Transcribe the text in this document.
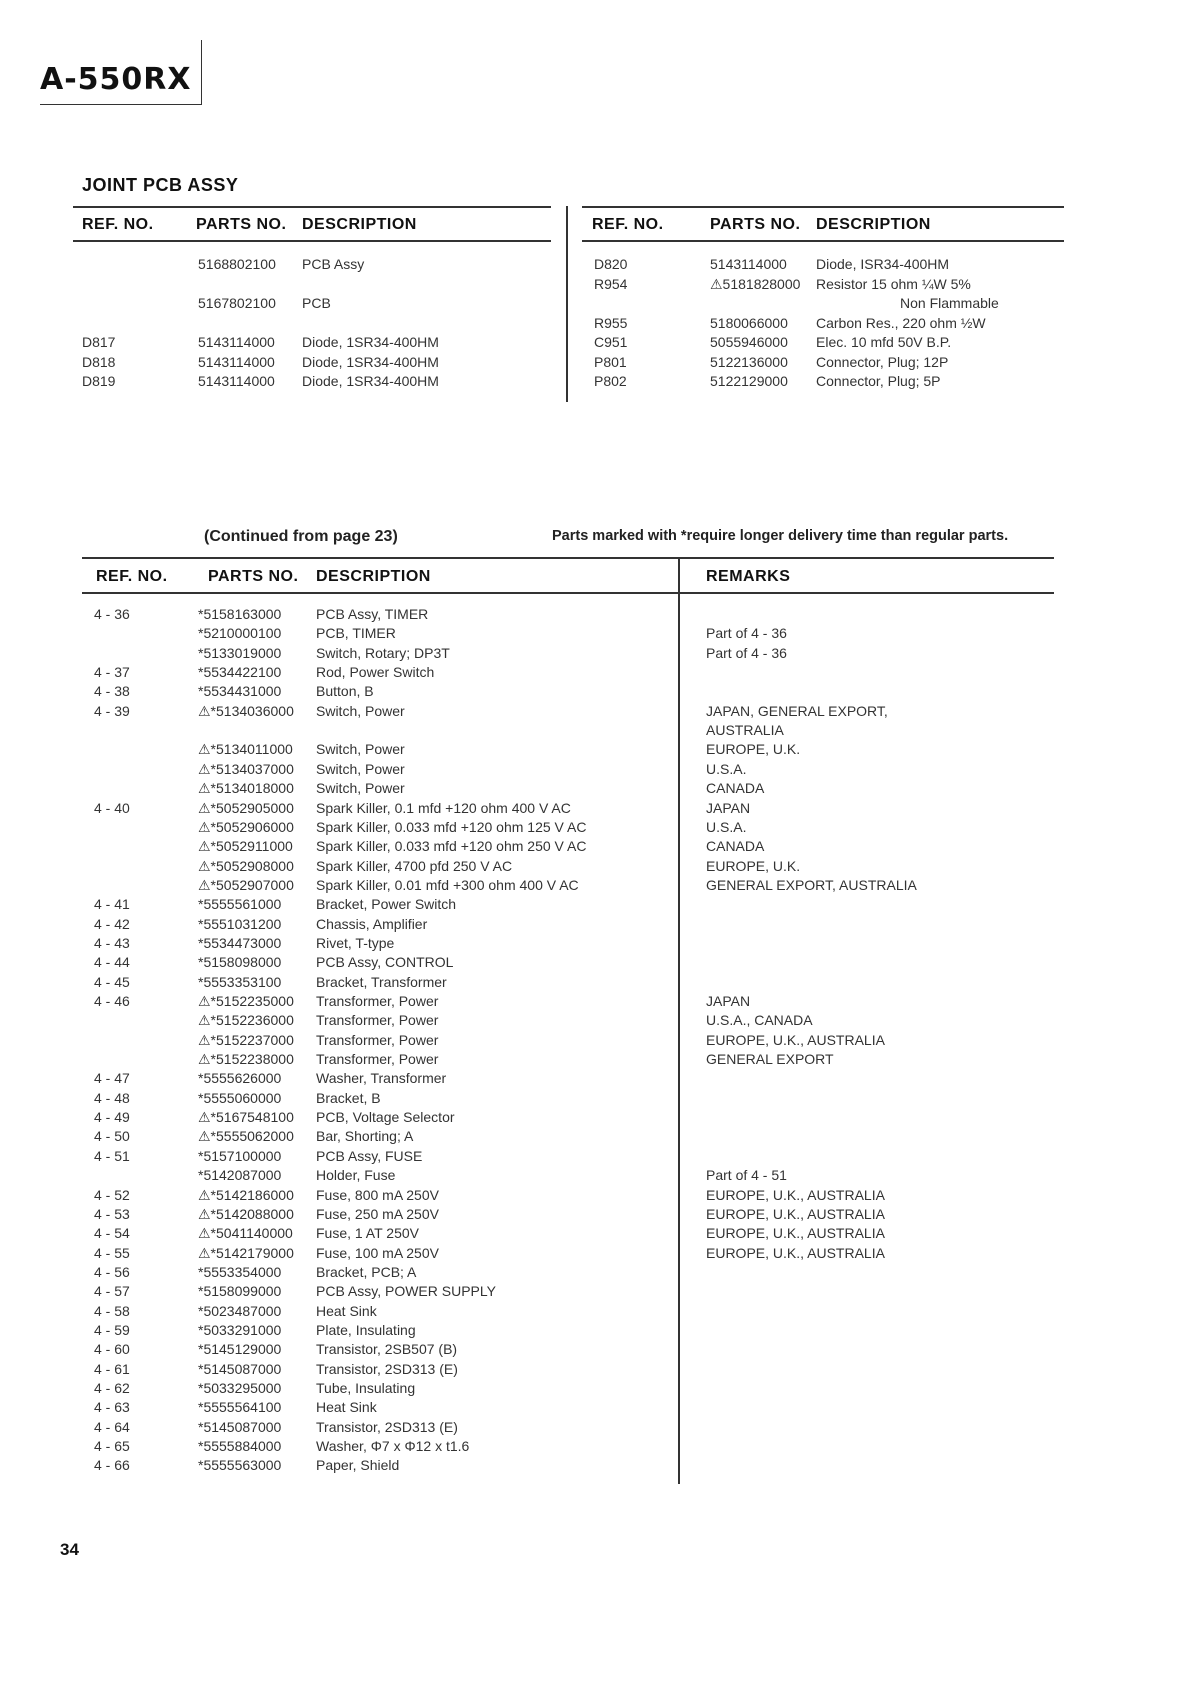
A-550RX
JOINT PCB ASSY
REF. NO.	PARTS NO. DESCRIPTION
5168802100 PCB Assy
5167802100 PCB
D817	5143114000 Diode, 1SR34-400HM
D818	5143114000 Diode, 1SR34-400HM
D819	5143114000 Diode, 1SR34-400HM
REF. NO.	PARTS NO. DESCRIPTION
D820	5143114000 Diode, ISR34-400HM
R954	⚠5181828000 Resistor 15 ohm ¼W 5%
Non Flammable
R955	5180066000 Carbon Res., 220 ohm ½W
C951	5055946000 Elec. 10 mfd 50V B.P.
P801	5122136000 Connector, Plug; 12P
P802	5122129000 Connector, Plug; 5P
(Continued from page 23)	Parts marked with *require longer delivery time than regular parts.
REF. NO.	PARTS NO. DESCRIPTION	REMARKS
4 - 36	*5158163000 PCB Assy, TIMER
*5210000100 PCB, TIMER	Part of 4 - 36
*5133019000 Switch, Rotary; DP3T	Part of 4 - 36
4 - 37	*5534422100 Rod, Power Switch
4 - 38	*5534431000 Button, B
4 - 39	⚠*5134036000 Switch, Power	JAPAN, GENERAL EXPORT,
AUSTRALIA
⚠*5134011000 Switch, Power	EUROPE, U.K.
⚠*5134037000 Switch, Power	U.S.A.
⚠*5134018000 Switch, Power	CANADA
4 - 40	⚠*5052905000 Spark Killer, 0.1 mfd +120 ohm 400 V AC	JAPAN
⚠*5052906000 Spark Killer, 0.033 mfd +120 ohm 125 V AC	U.S.A.
⚠*5052911000 Spark Killer, 0.033 mfd +120 ohm 250 V AC	CANADA
⚠*5052908000 Spark Killer, 4700 pfd 250 V AC	EUROPE, U.K.
⚠*5052907000 Spark Killer, 0.01 mfd +300 ohm 400 V AC	GENERAL EXPORT, AUSTRALIA
4 - 41	*5555561000 Bracket, Power Switch
4 - 42	*5551031200 Chassis, Amplifier
4 - 43	*5534473000 Rivet, T-type
4 - 44	*5158098000 PCB Assy, CONTROL
4 - 45	*5553353100 Bracket, Transformer
4 - 46	⚠*5152235000 Transformer, Power	JAPAN
⚠*5152236000 Transformer, Power	U.S.A., CANADA
⚠*5152237000 Transformer, Power	EUROPE, U.K., AUSTRALIA
⚠*5152238000 Transformer, Power	GENERAL EXPORT
4 - 47	*5555626000 Washer, Transformer
4 - 48	*5555060000 Bracket, B
4 - 49	⚠*5167548100 PCB, Voltage Selector
4 - 50	⚠*5555062000 Bar, Shorting; A
4 - 51	*5157100000 PCB Assy, FUSE
*5142087000 Holder, Fuse	Part of 4 - 51
4 - 52	⚠*5142186000 Fuse, 800 mA 250V	EUROPE, U.K., AUSTRALIA
4 - 53	⚠*5142088000 Fuse, 250 mA 250V	EUROPE, U.K., AUSTRALIA
4 - 54	⚠*5041140000 Fuse, 1 AT 250V	EUROPE, U.K., AUSTRALIA
4 - 55	⚠*5142179000 Fuse, 100 mA 250V	EUROPE, U.K., AUSTRALIA
4 - 56	*5553354000 Bracket, PCB; A
4 - 57	*5158099000 PCB Assy, POWER SUPPLY
4 - 58	*5023487000 Heat Sink
4 - 59	*5033291000 Plate, Insulating
4 - 60	*5145129000 Transistor, 2SB507 (B)
4 - 61	*5145087000 Transistor, 2SD313 (E)
4 - 62	*5033295000 Tube, Insulating
4 - 63	*5555564100 Heat Sink
4 - 64	*5145087000 Transistor, 2SD313 (E)
4 - 65	*5555884000 Washer, Φ7 x Φ12 x t1.6
4 - 66	*5555563000 Paper, Shield
34
